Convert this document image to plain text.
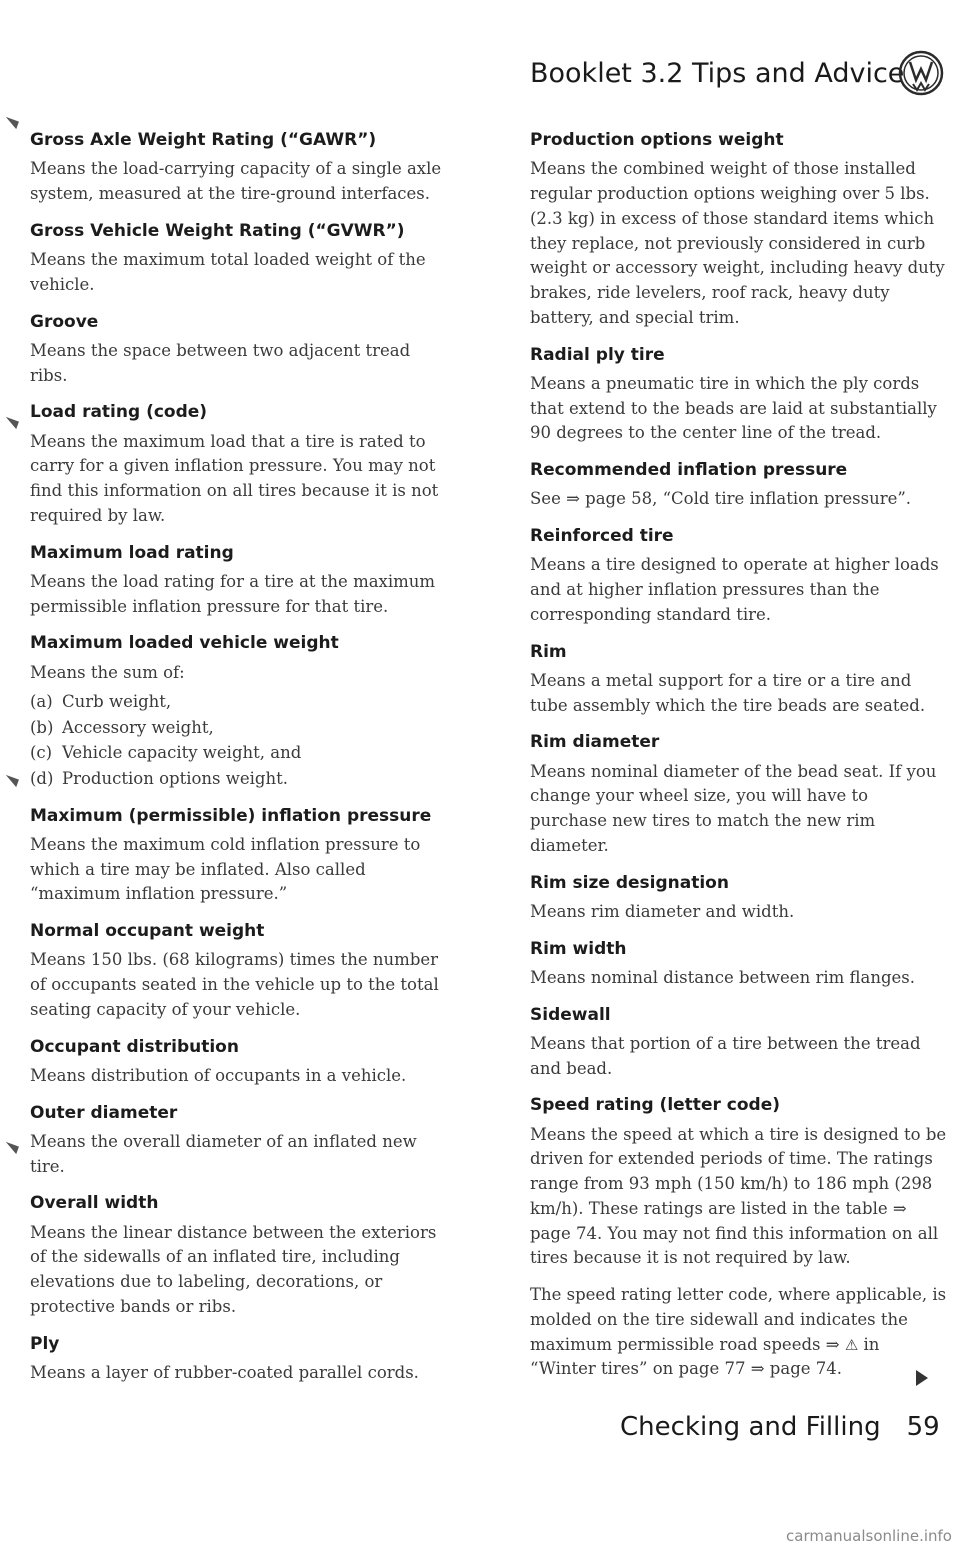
Booklet 3.2 Tips and Advice
Gross Axle Weight Rating (“GAWR”)

Means the load-carrying capacity of a single axle system, measured at the tire-ground interfaces.

Gross Vehicle Weight Rating (“GVWR”)

Means the maximum total loaded weight of the vehicle.

Groove

Means the space between two adjacent tread ribs.

Load rating (code)

Means the maximum load that a tire is rated to carry for a given inflation pressure. You may not find this information on all tires because it is not required by law.

Maximum load rating

Means the load rating for a tire at the maximum permissible inflation pressure for that tire.

Maximum loaded vehicle weight

Means the sum of:

(a) Curb weight,
(b) Accessory weight,
(c) Vehicle capacity weight, and
(d) Production options weight.
Maximum (permissible) inflation pressure

Means the maximum cold inflation pressure to which a tire may be inflated. Also called “maximum inflation pressure.”

Normal occupant weight

Means 150 lbs. (68 kilograms) times the number of occupants seated in the vehicle up to the total seating capacity of your vehicle.

Occupant distribution

Means distribution of occupants in a vehicle.

Outer diameter

Means the overall diameter of an inflated new tire.

Overall width

Means the linear distance between the exteriors of the sidewalls of an inflated tire, including elevations due to labeling, decorations, or protective bands or ribs.

Ply

Means a layer of rubber-coated parallel cords.

Production options weight

Means the combined weight of those installed regular production options weighing over 5 lbs. (2.3 kg) in excess of those standard items which they replace, not previously considered in curb weight or accessory weight, including heavy duty brakes, ride levelers, roof rack, heavy duty battery, and special trim.

Radial ply tire

Means a pneumatic tire in which the ply cords that extend to the beads are laid at substantially 90 degrees to the center line of the tread.

Recommended inflation pressure

See ⇒ page 58, “Cold tire inflation pressure”.

Reinforced tire

Means a tire designed to operate at higher loads and at higher inflation pressures than the corresponding standard tire.

Rim

Means a metal support for a tire or a tire and tube assembly which the tire beads are seated.

Rim diameter

Means nominal diameter of the bead seat. If you change your wheel size, you will have to purchase new tires to match the new rim diameter.

Rim size designation

Means rim diameter and width.

Rim width

Means nominal distance between rim flanges.

Sidewall

Means that portion of a tire between the tread and bead.

Speed rating (letter code)

Means the speed at which a tire is designed to be driven for extended periods of time. The ratings range from 93 mph (150 km/h) to 186 mph (298 km/h). These ratings are listed in the table ⇒ page 74. You may not find this information on all tires because it is not required by law.

The speed rating letter code, where applicable, is molded on the tire sidewall and indicates the maximum permissible road speeds ⇒ ⚠ in “Winter tires” on page 77 ⇒ page 74.

Checking and Filling 59
carmanualsonline.info
